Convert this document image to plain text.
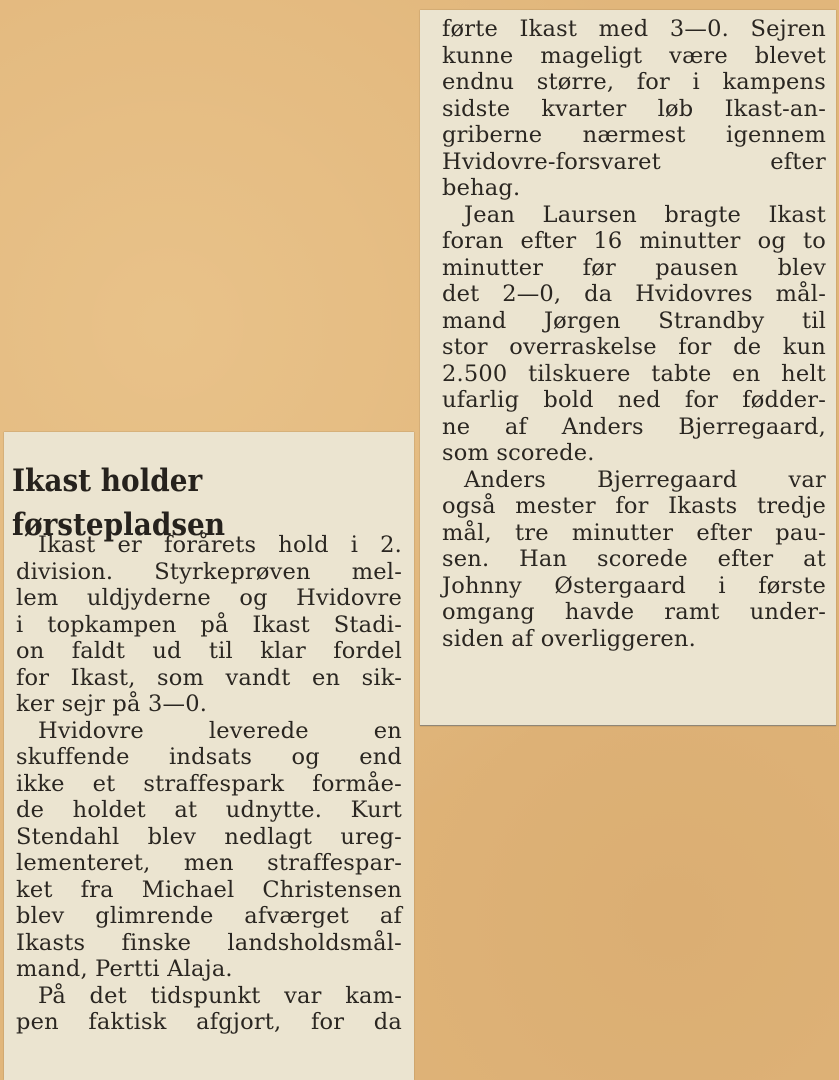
førte Ikast med 3—0. Sejren
kunne mageligt være blevet
endnu større, for i kampens
sidste kvarter løb Ikast-an-
griberne nærmest igennem
Hvidovre-forsvaret efter
behag.

Jean Laursen bragte Ikast
foran efter 16 minutter og to
minutter før pausen blev
det 2—0, da Hvidovres mål-
mand Jørgen Strandby til
stor overraskelse for de kun
2.500 tilskuere tabte en helt
ufarlig bold ned for fødder-
ne af Anders Bjerregaard,
som scorede.

Anders Bjerregaard var
også mester for Ikasts tredje
mål, tre minutter efter pau-
sen. Han scorede efter at
Johnny Østergaard i første
omgang havde ramt under-
siden af overliggeren.

Ikast holder
førstepladsen

Ikast er forårets hold i 2.
division. Styrkeprøven mel-
lem uldjyderne og Hvidovre
i topkampen på Ikast Stadi-
on faldt ud til klar fordel
for Ikast, som vandt en sik-
ker sejr på 3—0.

Hvidovre leverede en
skuffende indsats og end
ikke et straffespark formåe-
de holdet at udnytte. Kurt
Stendahl blev nedlagt ureg-
lementeret, men straffespar-
ket fra Michael Christensen
blev glimrende afværget af
Ikasts finske landsholdsmål-
mand, Pertti Alaja.

På det tidspunkt var kam-
pen faktisk afgjort, for da
